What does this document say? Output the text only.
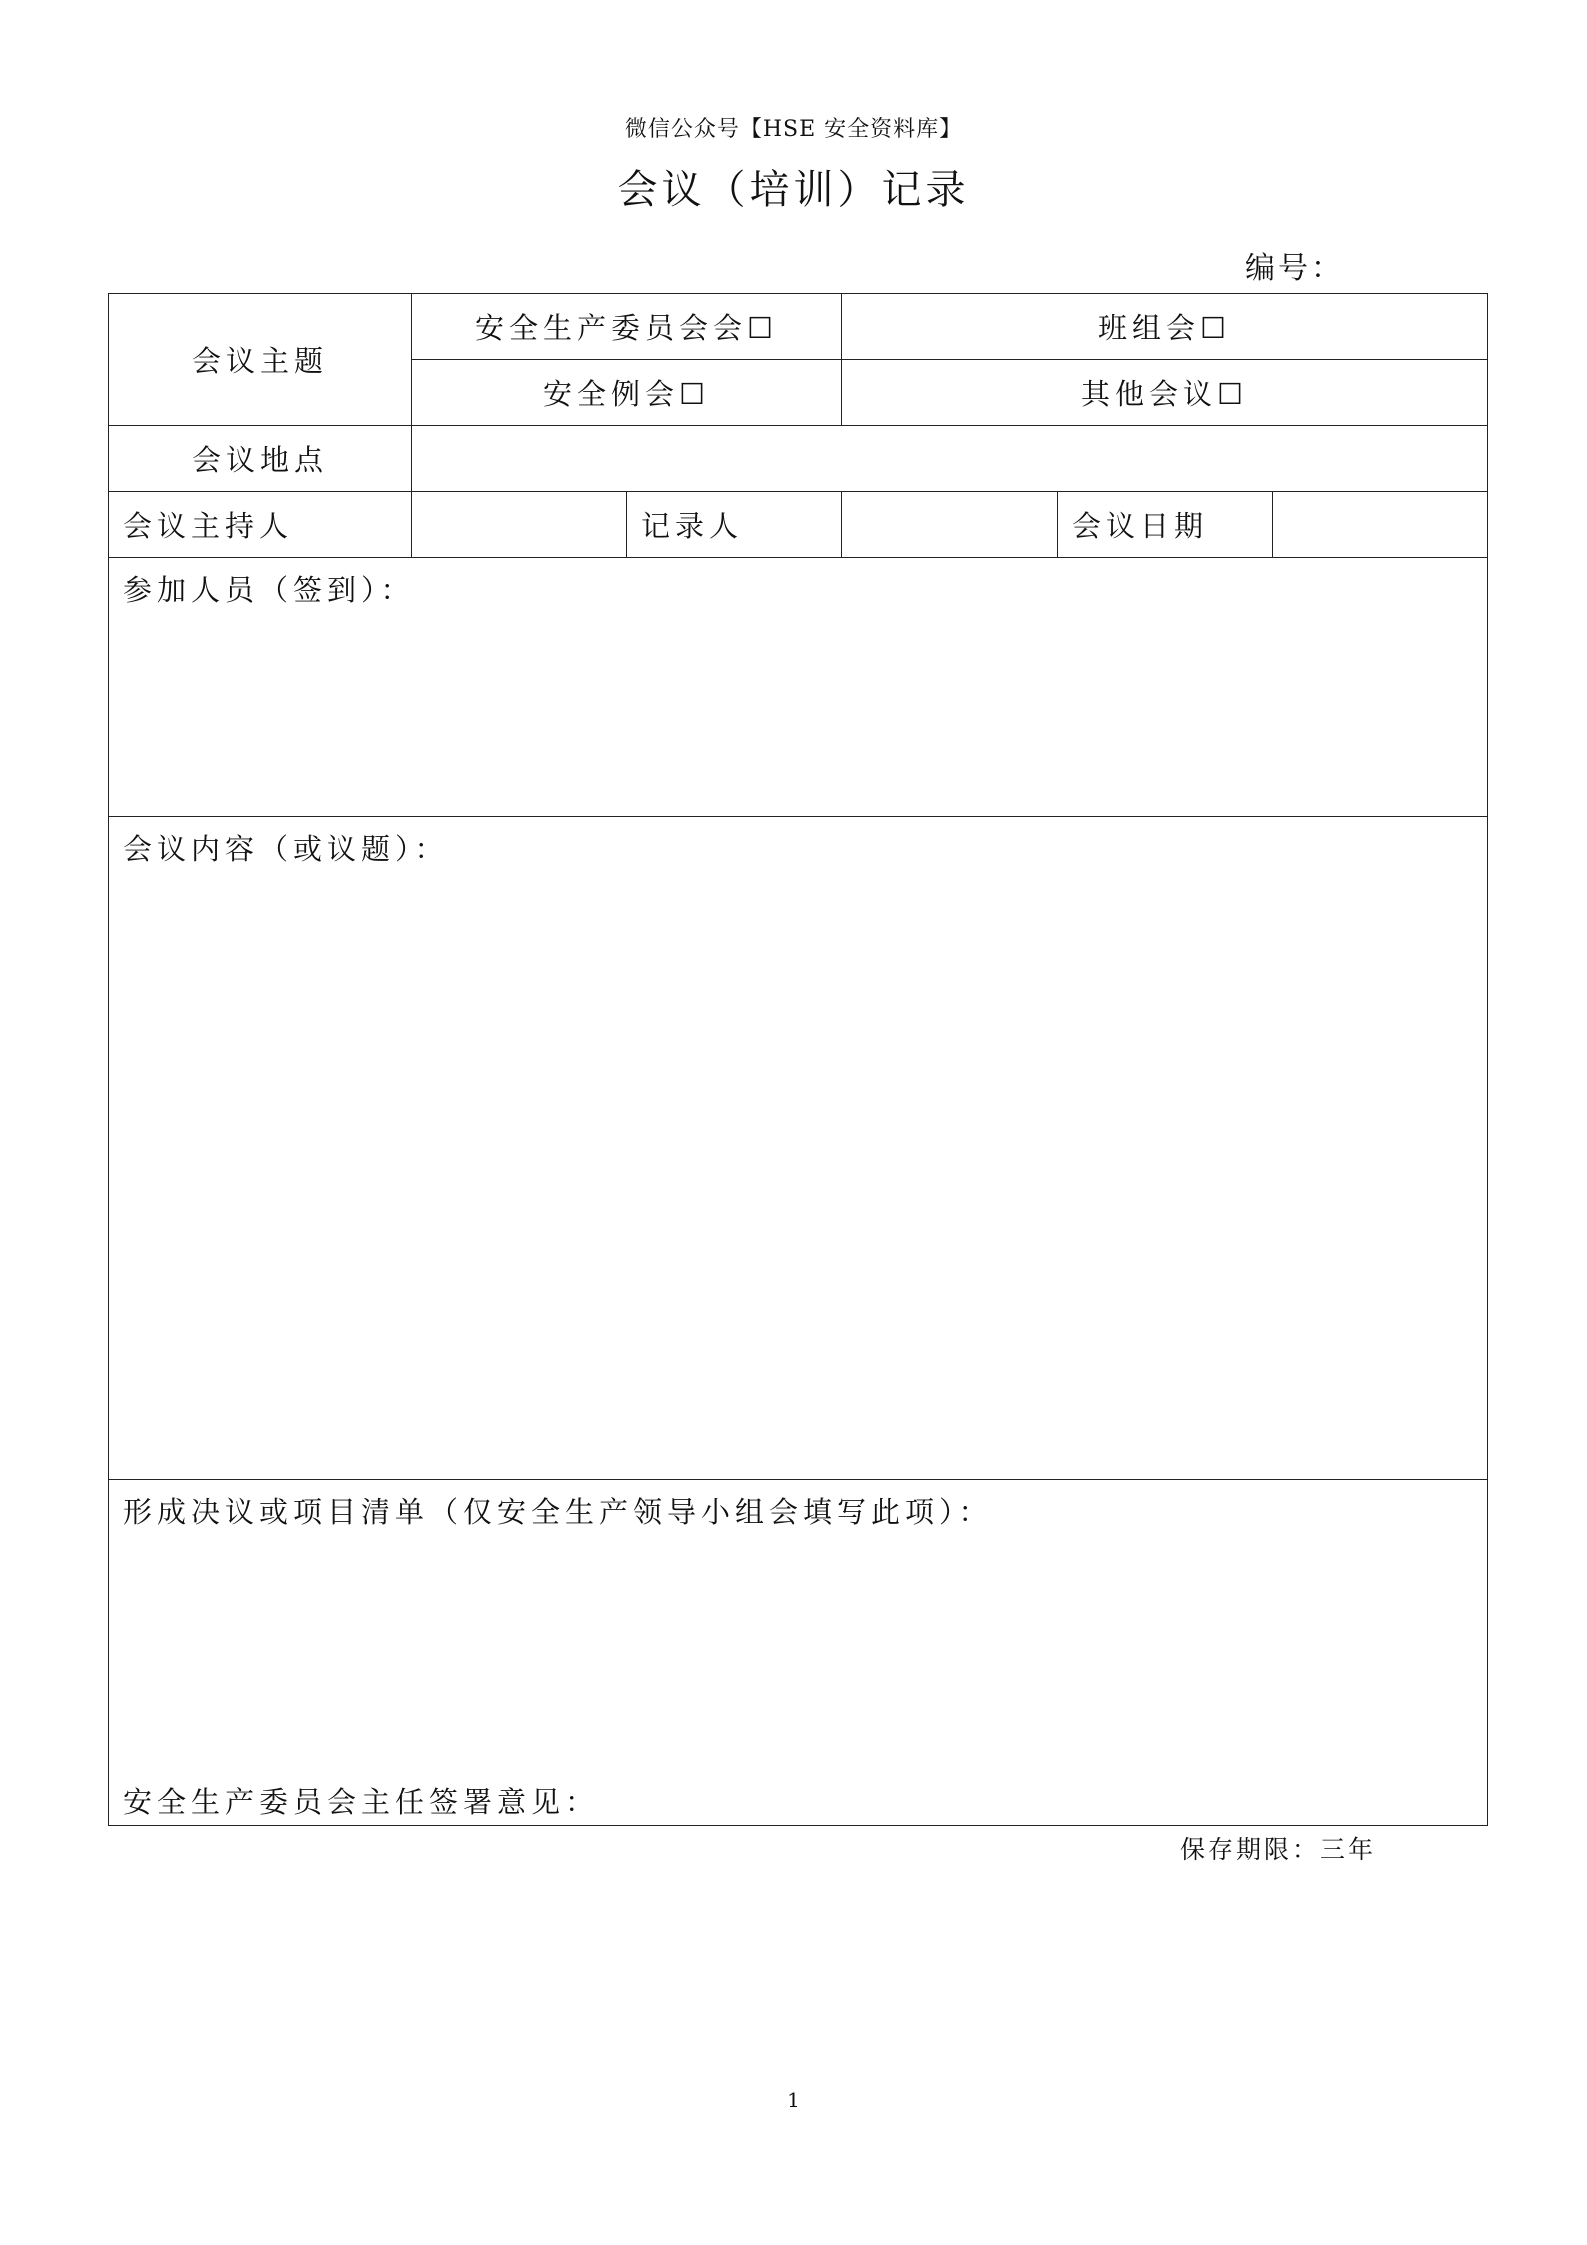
微信公众号【HSE 安全资料库】
会议（培训）记录
编号：
会议主题	安全生产委员会会☐		班组会☐		
	安全例会☐		其他会议☐		
会议地点					
会议主持人		记录人		会议日期	
参加人员（签到）：					
会议内容（或议题）：					
形成决议或项目清单（仅安全生产领导小组会填写此项）：
安全生产委员会主任签署意见：					
保存期限：三年
1
